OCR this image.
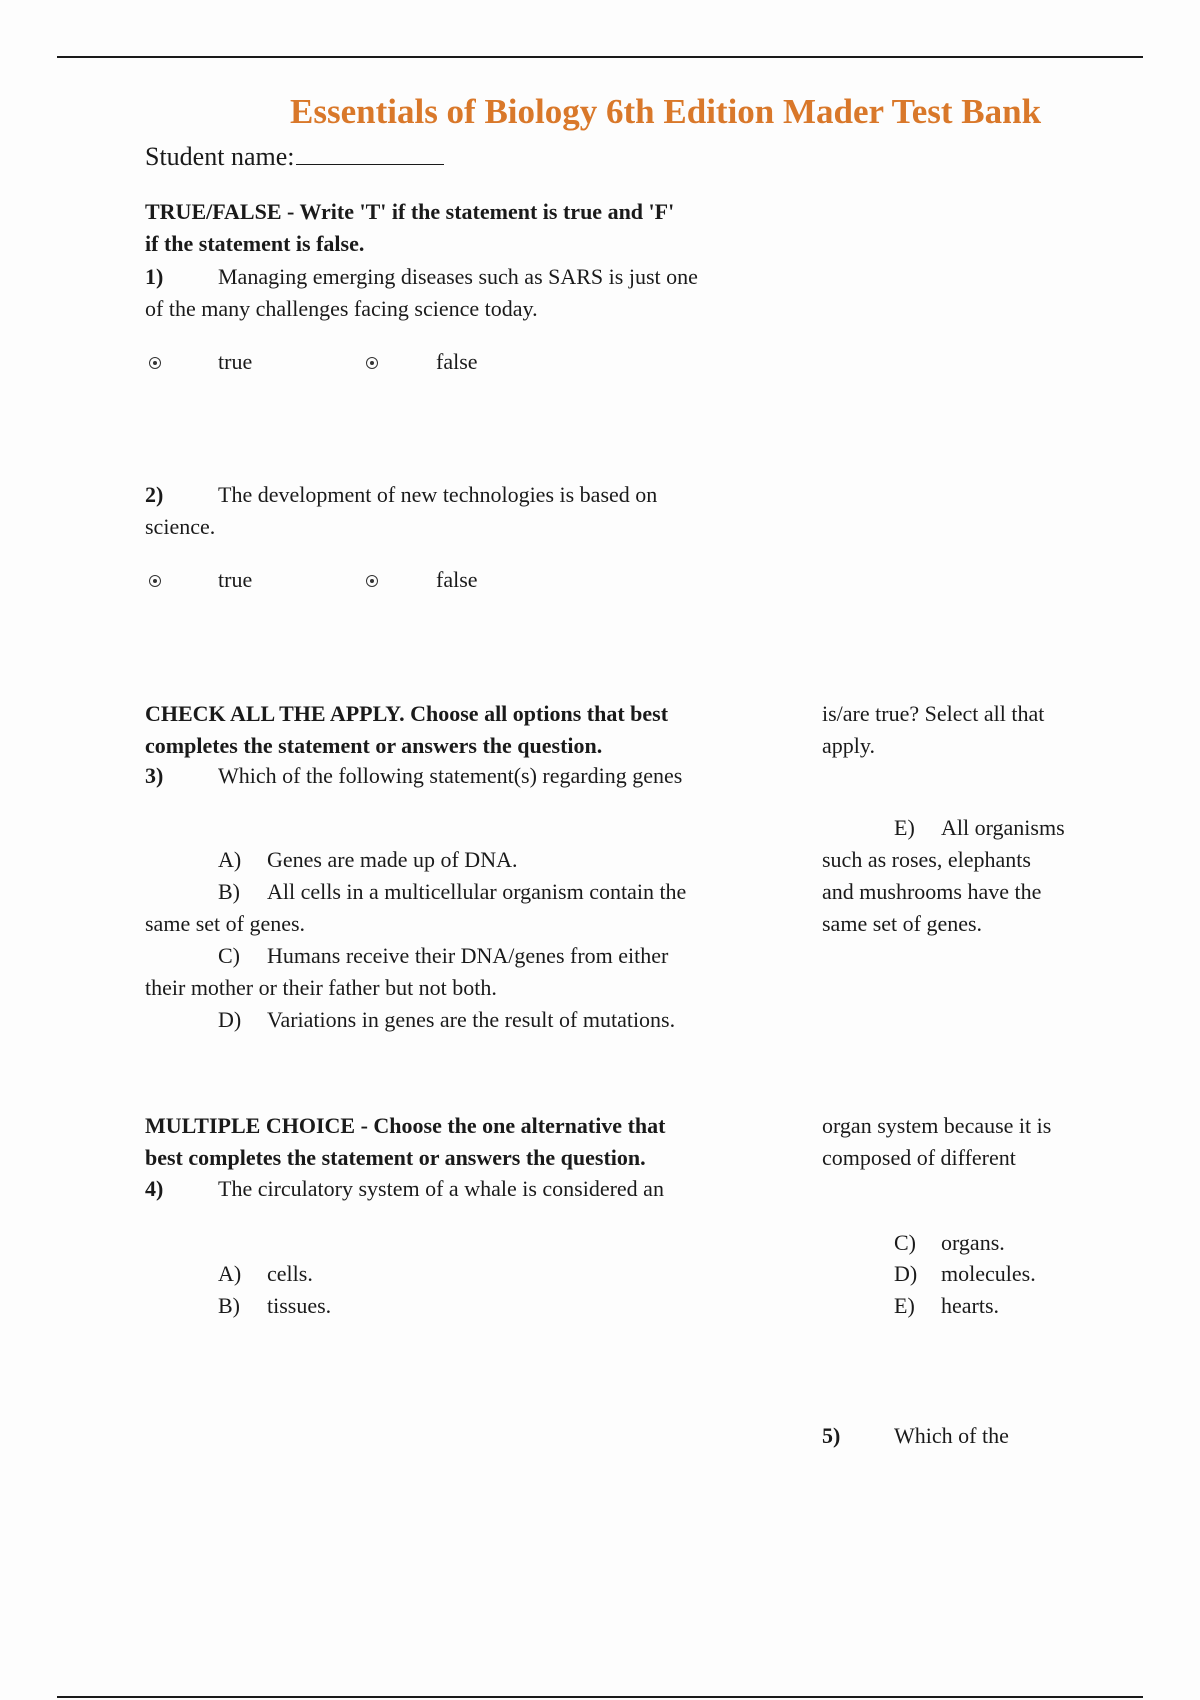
Essentials of Biology 6th Edition Mader Test Bank
Student name:
TRUE/FALSE - Write 'T' if the statement is true and 'F'
if the statement is false.
1) Managing emerging diseases such as SARS is just one
of the many challenges facing science today.
true	false
2) The development of new technologies is based on
science.
true	false
CHECK ALL THE APPLY. Choose all options that best
completes the statement or answers the question.
3) Which of the following statement(s) regarding genes
is/are true? Select all that
apply.
A) Genes are made up of DNA.
B) All cells in a multicellular organism contain the
same set of genes.
C) Humans receive their DNA/genes from either
their mother or their father but not both.
D) Variations in genes are the result of mutations.
E) All organisms
such as roses, elephants
and mushrooms have the
same set of genes.
MULTIPLE CHOICE - Choose the one alternative that
best completes the statement or answers the question.
4) The circulatory system of a whale is considered an
organ system because it is
composed of different
A) cells.
B) tissues.
C) organs.
D) molecules.
E) hearts.
5) Which of the
